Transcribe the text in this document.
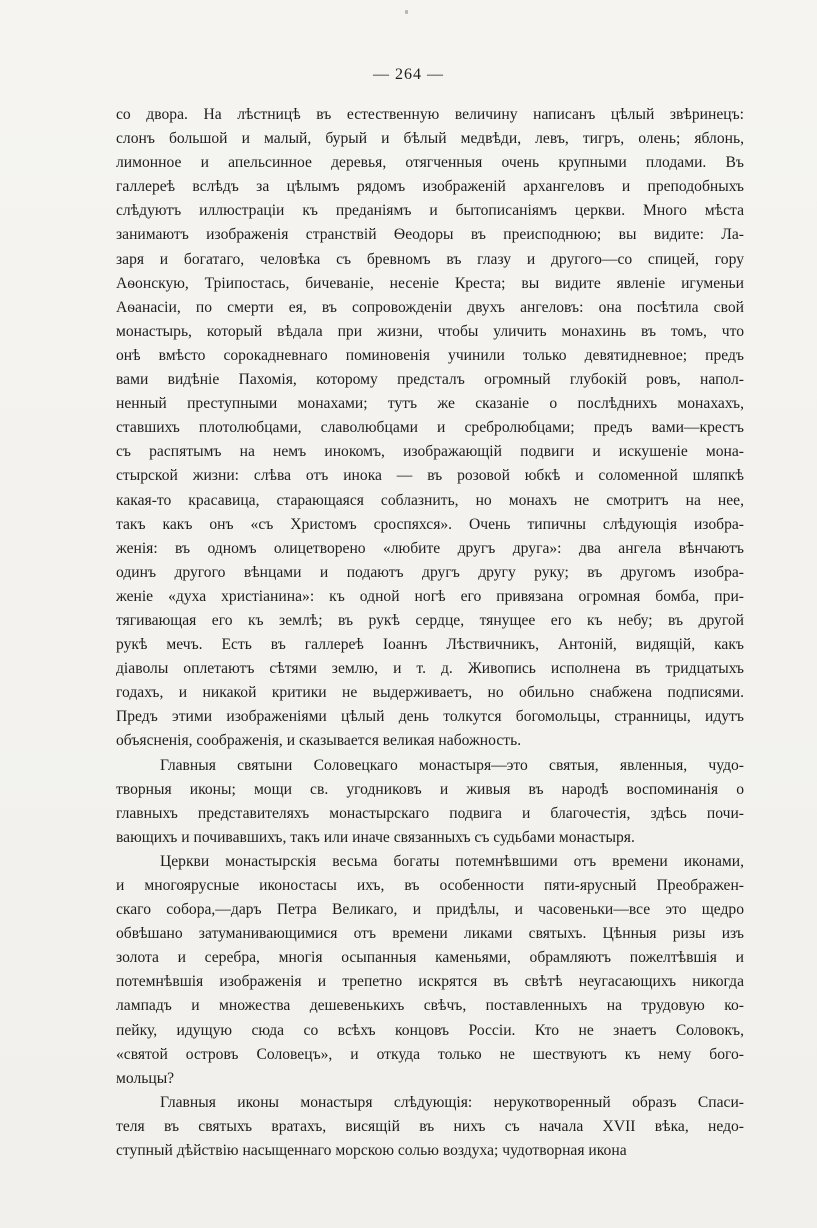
— 264 —

со двора. На лѣстницѣ въ естественную величину написанъ цѣлый звѣринецъ:
слонъ большой и малый, бурый и бѣлый медвѣди, левъ, тигръ, олень; яблонь,
лимонное и апельсинное деревья, отягченныя очень крупными плодами. Въ
галлереѣ вслѣдъ за цѣлымъ рядомъ изображеній архангеловъ и преподобныхъ
слѣдуютъ иллюстраціи къ преданіямъ и бытописаніямъ церкви. Много мѣста
занимаютъ изображенія странствій Ѳеодоры въ преисподнюю; вы видите: Ла-
заря и богатаго, человѣка съ бревномъ въ глазу и другого—со спицей, гору
Аѳонскую, Тріипостась, бичеваніе, несеніе Креста; вы видите явленіе игуменьи
Аѳанасіи, по смерти ея, въ сопровожденіи двухъ ангеловъ: она посѣтила свой
монастырь, который вѣдала при жизни, чтобы уличить монахинь въ томъ, что
онѣ вмѣсто сорокадневнаго поминовенія учинили только девятидневное; предъ
вами видѣніе Пахомія, которому предсталъ огромный глубокій ровъ, напол-
ненный преступными монахами; тутъ же сказаніе о послѣднихъ монахахъ,
ставшихъ плотолюбцами, славолюбцами и сребролюбцами; предъ вами—крестъ
съ распятымъ на немъ инокомъ, изображающій подвиги и искушеніе мона-
стырской жизни: слѣва отъ инока — въ розовой юбкѣ и соломенной шляпкѣ
какая-то красавица, старающаяся соблазнить, но монахъ не смотритъ на нее,
такъ какъ онъ «съ Христомъ сроспяхся». Очень типичны слѣдующія изобра-
женія: въ одномъ олицетворено «любите другъ друга»: два ангела вѣнчаютъ
одинъ другого вѣнцами и подаютъ другъ другу руку; въ другомъ изобра-
женіе «духа христіанина»: къ одной ногѣ его привязана огромная бомба, при-
тягивающая его къ землѣ; въ рукѣ сердце, тянущее его къ небу; въ другой
рукѣ мечъ. Есть въ галлереѣ Іоаннъ Лѣствичникъ, Антоній, видящій, какъ
діаволы оплетаютъ сѣтями землю, и т. д. Живопись исполнена въ тридцатыхъ
годахъ, и никакой критики не выдерживаетъ, но обильно снабжена подписями.
Предъ этими изображеніями цѣлый день толкутся богомольцы, странницы, идутъ
объясненія, соображенія, и сказывается великая набожность.

Главныя святыни Соловецкаго монастыря—это святыя, явленныя, чудо-
творныя иконы; мощи св. угодниковъ и живыя въ народѣ воспоминанія о
главныхъ представителяхъ монастырскаго подвига и благочестія, здѣсь почи-
вающихъ и почивавшихъ, такъ или иначе связанныхъ съ судьбами монастыря.

Церкви монастырскія весьма богаты потемнѣвшими отъ времени иконами,
и многоярусные иконостасы ихъ, въ особенности пяти-ярусный Преображен-
скаго собора,—даръ Петра Великаго, и придѣлы, и часовеньки—все это щедро
обвѣшано затуманивающимися отъ времени ликами святыхъ. Цѣнныя ризы изъ
золота и серебра, многія осыпанныя каменьями, обрамляютъ пожелтѣвшія и
потемнѣвшія изображенія и трепетно искрятся въ свѣтѣ неугасающихъ никогда
лампадъ и множества дешевенькихъ свѣчъ, поставленныхъ на трудовую ко-
пейку, идущую сюда со всѣхъ концовъ Россіи. Кто не знаетъ Соловокъ,
«святой островъ Соловецъ», и откуда только не шествуютъ къ нему бого-
мольцы?

Главныя иконы монастыря слѣдующія: нерукотворенный образъ Спаси-
теля въ святыхъ вратахъ, висящій въ нихъ съ начала XVII вѣка, недо-
ступный дѣйствію насыщеннаго морскою солью воздуха; чудотворная икона
